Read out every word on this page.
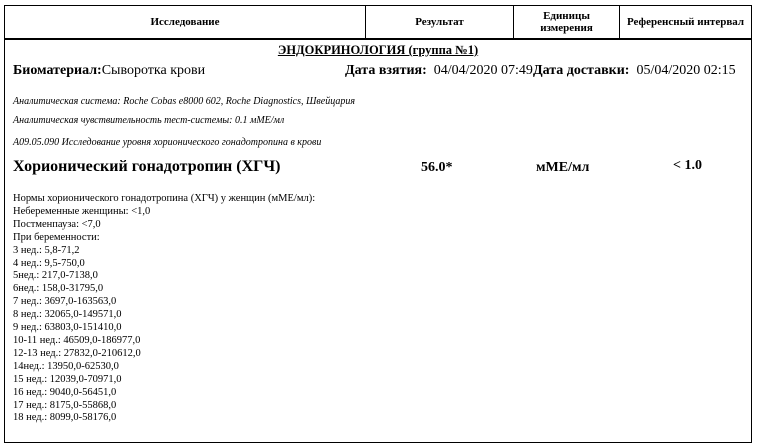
Исследование	Результат	Единицы
измерения	Референсный интервал
ЭНДОКРИНОЛОГИЯ (группа №1)
Биоматериал:Сыворотка крови	Дата взятия: 04/04/2020 07:49Дата доставки: 05/04/2020 02:15
Аналитическая система: Roche Cobas e8000 602, Roche Diagnostics, Швейцария
Аналитическая чувствительность тест-системы: 0.1 мМЕ/мл
A09.05.090 Исследование уровня хорионического гонадотропина в крови
Хорионический гонадотропин (ХГЧ)	56.0*	мМЕ/мл	< 1.0
Нормы хорионического гонадотропина (ХГЧ) у женщин (мМЕ/мл):
Небеременные женщины: <1,0
Постменпауза: <7,0
При беременности:
3 нед.: 5,8-71,2
4 нед.: 9,5-750,0
5нед.: 217,0-7138,0
6нед.: 158,0-31795,0
7 нед.: 3697,0-163563,0
8 нед.: 32065,0-149571,0
9 нед.: 63803,0-151410,0
10-11 нед.: 46509,0-186977,0
12-13 нед.: 27832,0-210612,0
14нед.: 13950,0-62530,0
15 нед.: 12039,0-70971,0
16 нед.: 9040,0-56451,0
17 нед.: 8175,0-55868,0
18 нед.: 8099,0-58176,0
